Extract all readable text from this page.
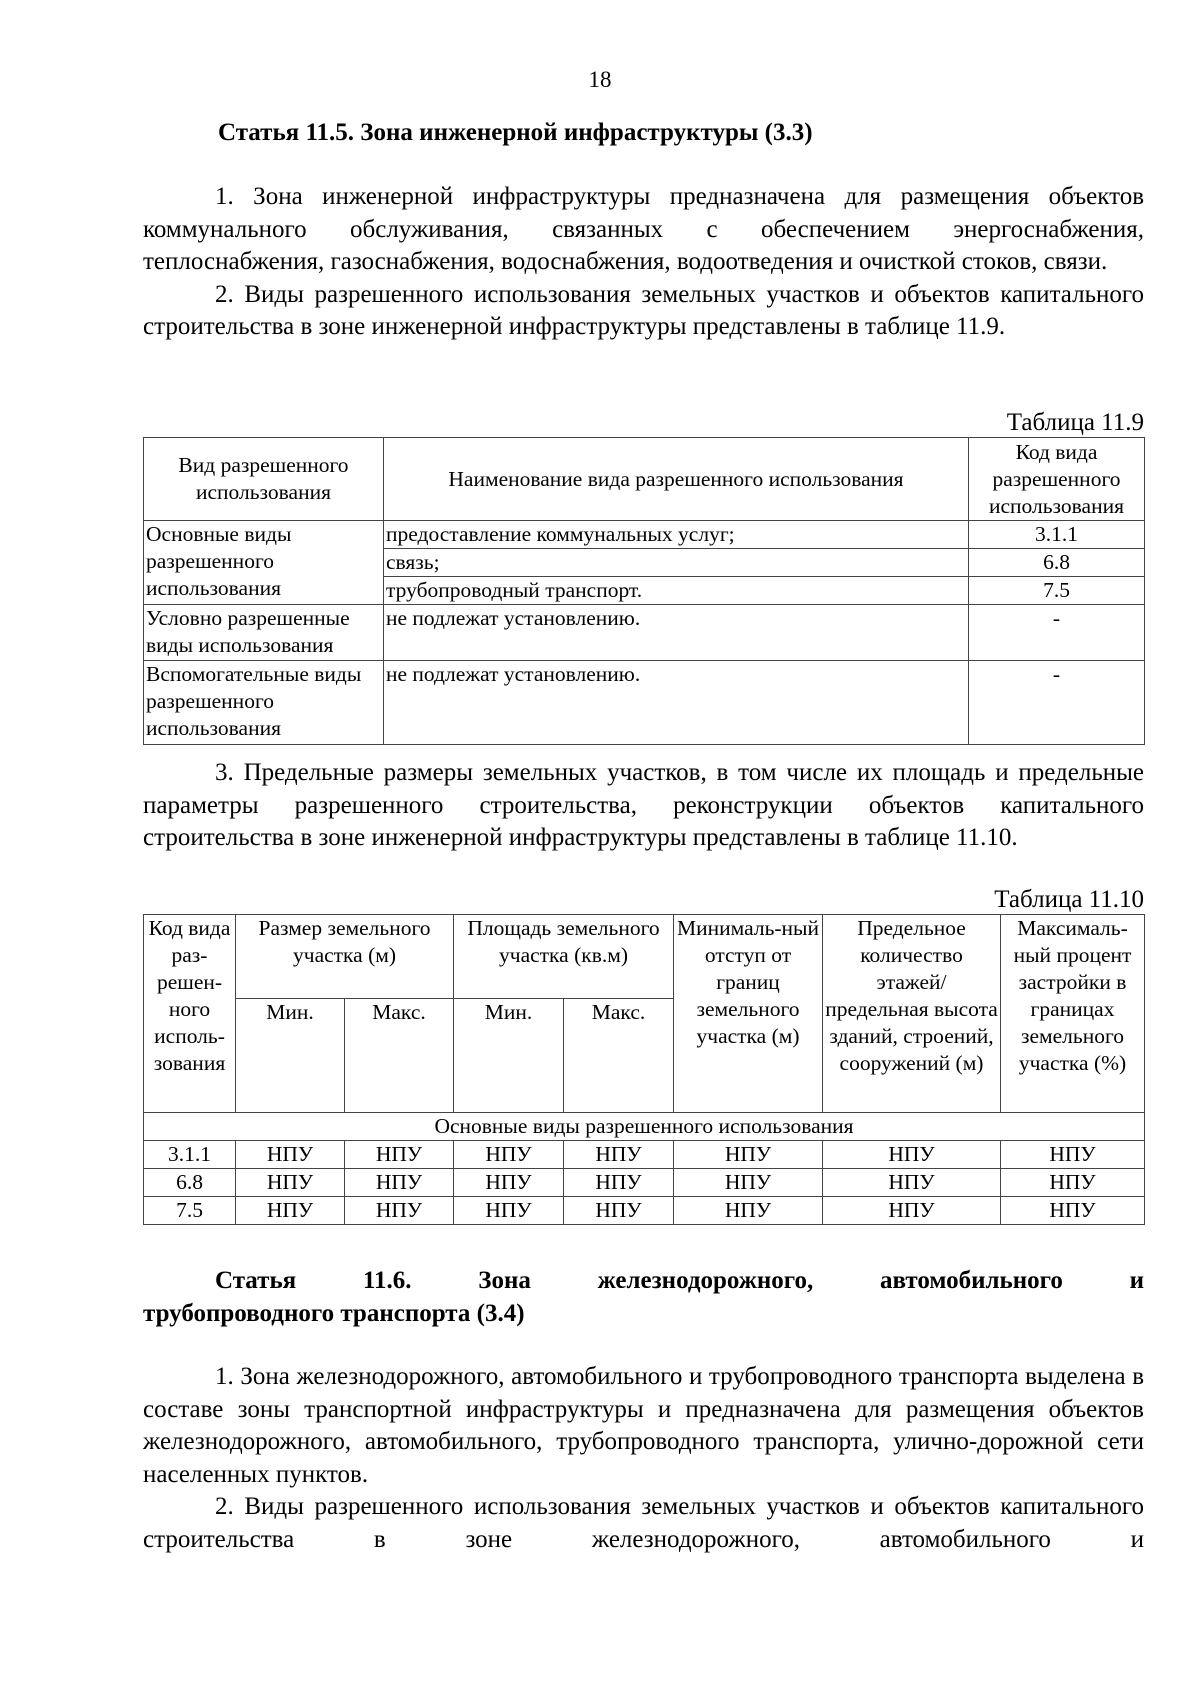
18
Статья 11.5. Зона инженерной инфраструктуры (3.3)

1. Зона инженерной инфраструктуры предназначена для размещения объектов коммунального обслуживания, связанных с обеспечением энергоснабжения, теплоснабжения, газоснабжения, водоснабжения, водоотведения и очисткой стоков, связи.

2. Виды разрешенного использования земельных участков и объектов капитального строительства в зоне инженерной инфраструктуры представлены в таблице 11.9.

Таблица 11.9
Вид разрешенного использования	Наименование вида разрешенного использования	Код вида разрешенного использования
Основные виды разрешенного использования	предоставление коммунальных услуг;	3.1.1
	связь;	6.8
	трубопроводный транспорт.	7.5
Условно разрешенные виды использования	не подлежат установлению.	-
Вспомогательные виды разрешенного использования	не подлежат установлению.	-

3. Предельные размеры земельных участков, в том числе их площадь и предельные параметры разрешенного строительства, реконструкции объектов капитального строительства в зоне инженерной инфраструктуры представлены в таблице 11.10.

Таблица 11.10
Код вида раз-решен-ного исполь-зования	Размер земельного участка (м)		Площадь земельного участка (кв.м)		Минималь-ный отступ от границ земельного участка (м)	Предельное количество этажей/ предельная высота зданий, строений, сооружений (м)	Максималь-ный процент застройки в границах земельного участка (%)
	Мин.	Макс.	Мин.	Макс.			
Основные виды разрешенного использования							
3.1.1	НПУ	НПУ	НПУ	НПУ	НПУ	НПУ	НПУ
6.8	НПУ	НПУ	НПУ	НПУ	НПУ	НПУ	НПУ
7.5	НПУ	НПУ	НПУ	НПУ	НПУ	НПУ	НПУ
Статья 11.6. Зона железнодорожного, автомобильного и
трубопроводного транспорта (3.4)

1. Зона железнодорожного, автомобильного и трубопроводного транспорта выделена в составе зоны транспортной инфраструктуры и предназначена для размещения объектов железнодорожного, автомобильного, трубопроводного транспорта, улично-дорожной сети населенных пунктов.

2. Виды разрешенного использования земельных участков и объектов капитального строительства в зоне железнодорожного, автомобильного и
